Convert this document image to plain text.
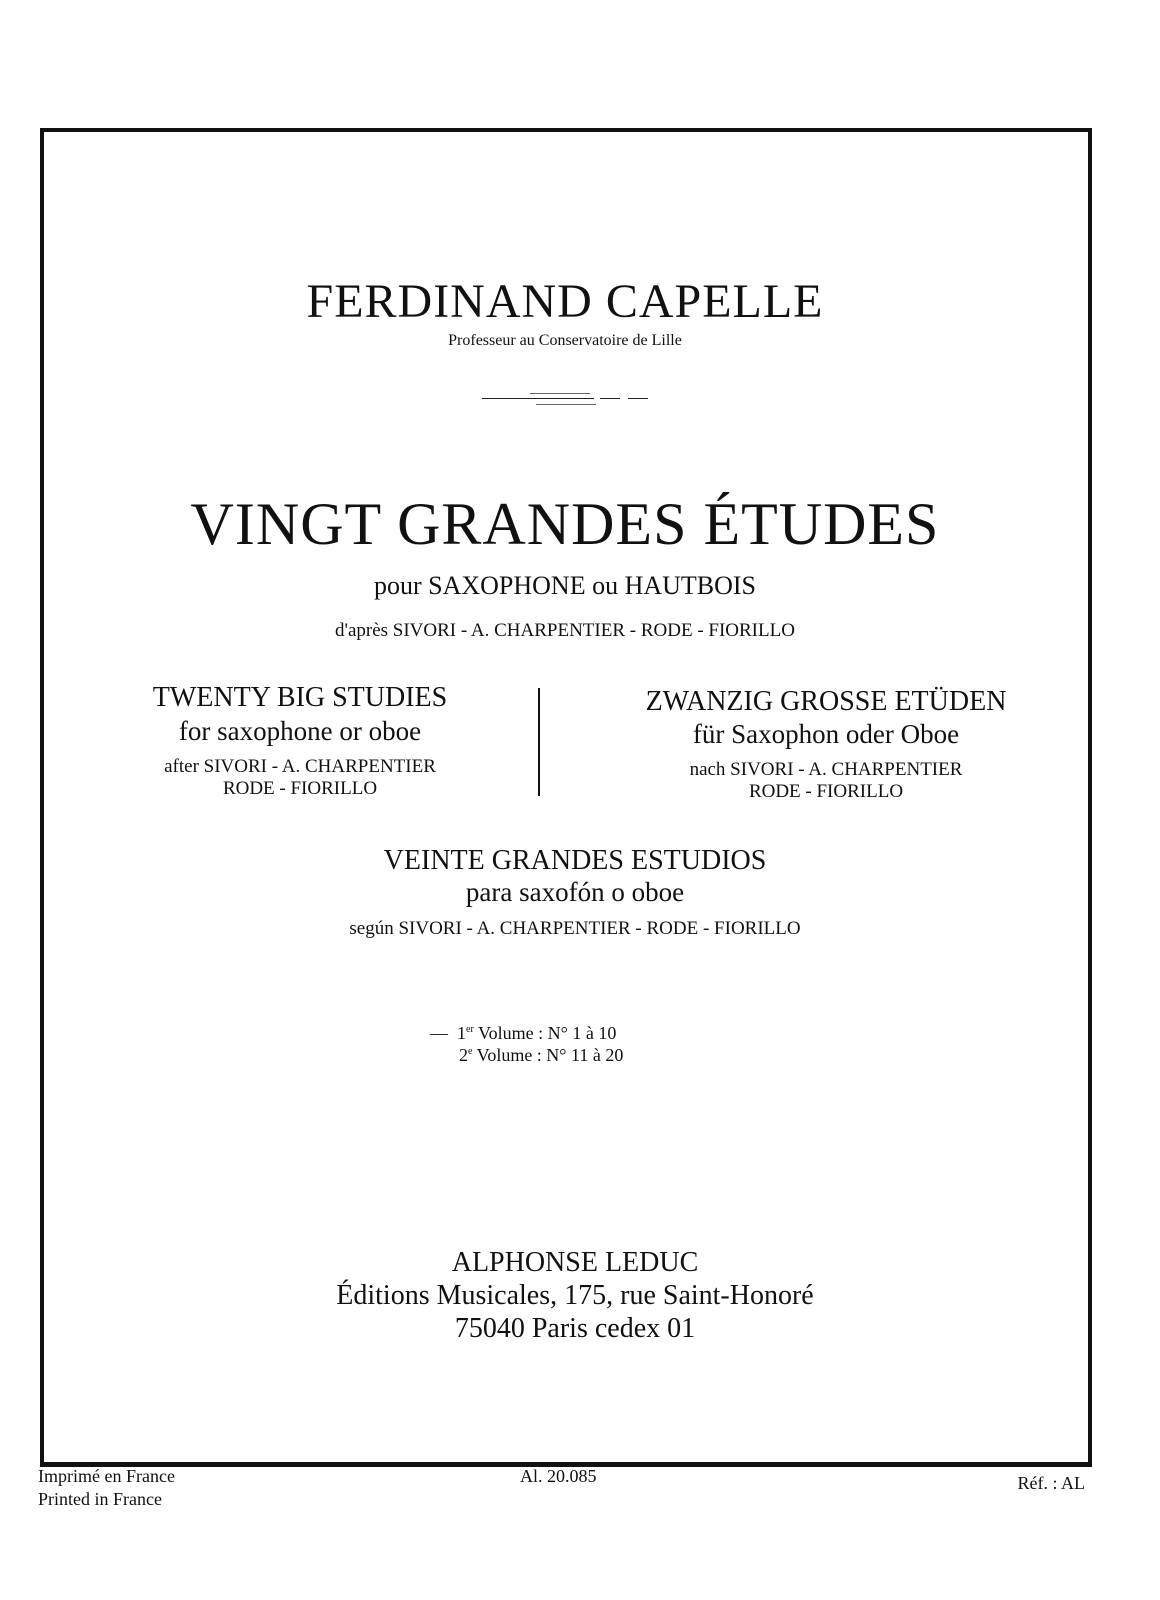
FERDINAND CAPELLE
Professeur au Conservatoire de Lille
VINGT GRANDES ÉTUDES
pour SAXOPHONE ou HAUTBOIS
d'après SIVORI - A. CHARPENTIER - RODE - FIORILLO
TWENTY BIG STUDIES
for saxophone or oboe
after SIVORI - A. CHARPENTIER
RODE - FIORILLO
ZWANZIG GROSSE ETÜDEN
für Saxophon oder Oboe
nach SIVORI - A. CHARPENTIER
RODE - FIORILLO
VEINTE GRANDES ESTUDIOS
para saxofón o oboe
según SIVORI - A. CHARPENTIER - RODE - FIORILLO
— 1er Volume : N° 1 à 10
2e Volume : N° 11 à 20
ALPHONSE LEDUC
Éditions Musicales, 175, rue Saint-Honoré
75040 Paris cedex 01
Imprimé en France
Printed in France
Al. 20.085	Réf. : AL
